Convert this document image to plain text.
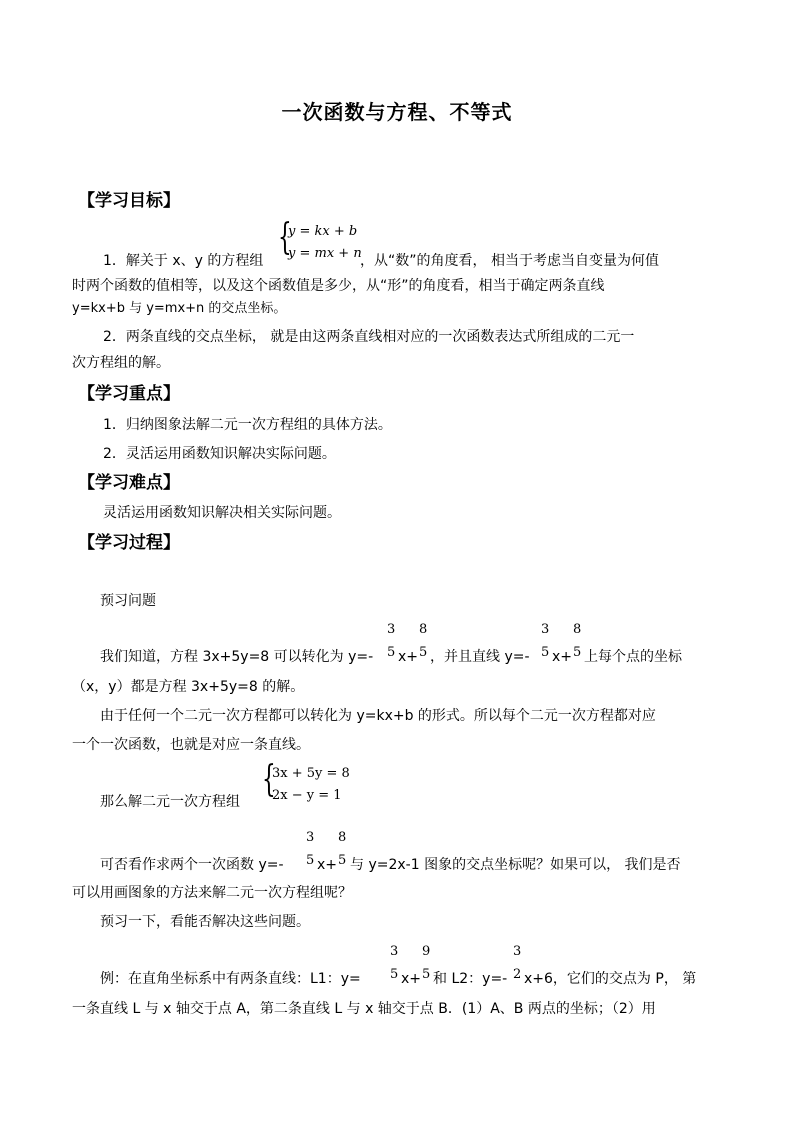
一次函数与方程、不等式
【学习目标】
{
y = kx + b
y = mx + n
1．解关于 x、y 的方程组	，从“数”的角度看， 相当于考虑当自变量为何值
时两个函数的值相等，以及这个函数值是多少，从“形”的角度看，相当于确定两条直线
y=kx+b 与 y=mx+n 的交点坐标。
2．两条直线的交点坐标， 就是由这两条直线相对应的一次函数表达式所组成的二元一
次方程组的解。
【学习重点】
1．归纳图象法解二元一次方程组的具体方法。
2．灵活运用函数知识解决实际问题。
【学习难点】
灵活运用函数知识解决相关实际问题。
【学习过程】
预习问题
3
5
8
5
3
5
8
5
我们知道，方程 3x+5y=8 可以转化为 y=- x+ ，并且直线 y=- x+ 上每个点的坐标
（x，y）都是方程 3x+5y=8 的解。
由于任何一个二元一次方程都可以转化为 y=kx+b 的形式。所以每个二元一次方程都对应
一个一次函数，也就是对应一条直线。
{
3x + 5y = 8
2x − y = 1
那么解二元一次方程组
3
5
8
5
可否看作求两个一次函数 y=- x+ 与 y=2x-1 图象的交点坐标呢？如果可以， 我们是否
可以用画图象的方法来解二元一次方程组呢？
预习一下，看能否解决这些问题。
3
5
9
5
3
2
例：在直角坐标系中有两条直线：L1：y=	x+ 和 L2：y=- x+6，它们的交点为 P， 第
一条直线 L 与 x 轴交于点 A，第二条直线 L 与 x 轴交于点 B．(1）A、B 两点的坐标；（2）用
